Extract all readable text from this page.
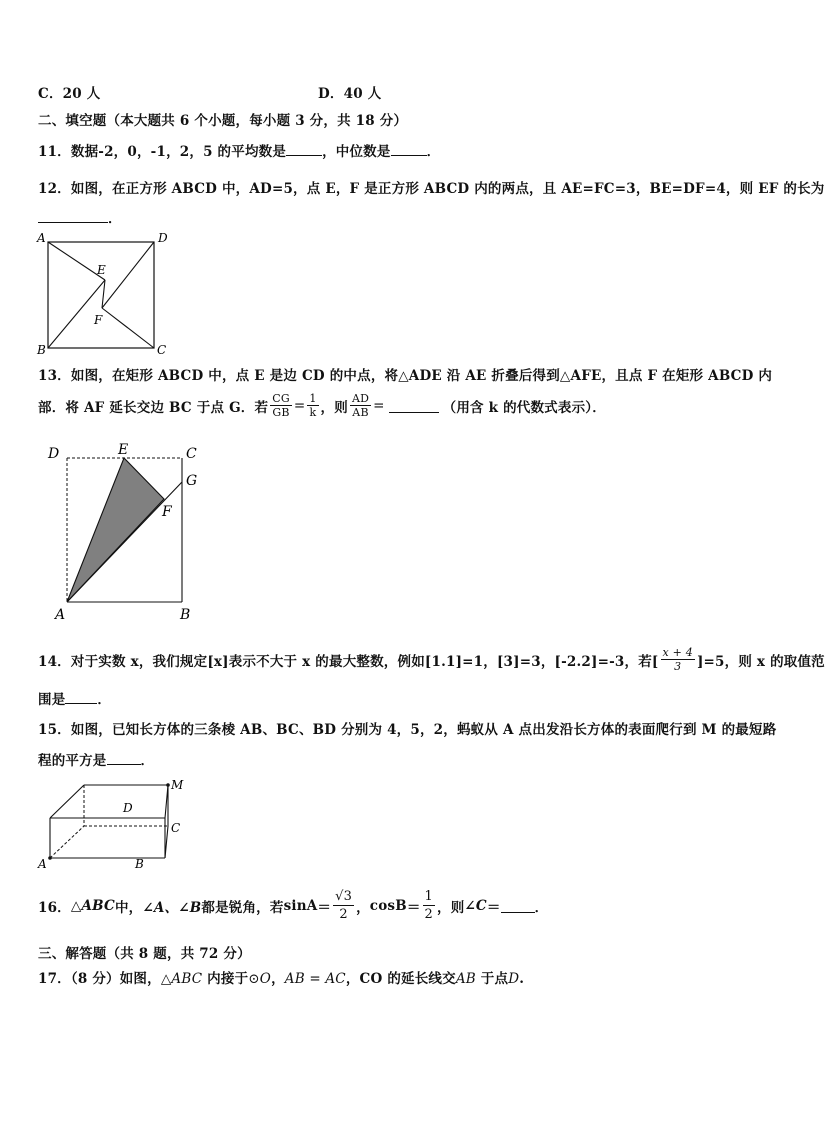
C．20 人	D．40 人
二、填空题（本大题共 6 个小题，每小题 3 分，共 18 分）
11．数据-2，0，-1，2，5 的平均数是	，中位数是	．
12．如图，在正方形 ABCD 中，AD=5，点 E，F 是正方形 ABCD 内的两点，且 AE=FC=3，BE=DF=4，则 EF 的长为
．
A	D
B	C
E
F
13．如图，在矩形 ABCD 中，点 E 是边 CD 的中点，将△ADE 沿 AE 折叠后得到△AFE，且点 F 在矩形 ABCD 内
部．将 AF 延长交边 BC 于点 G．若 $\frac{CG}{GB} = \frac{1}{k}$ ，则 $\frac{AD}{AB}$ =	（用含 k 的代数式表示）．
D	E	C
G
F
A	B
14．对于实数 x，我们规定[x]表示不大于 x 的最大整数，例如[1.1]=1，[3]=3，[-2.2]=-3，若[ $\frac{x + 4}{3} ]=5$，则 x 的取值范
围是 ．
15．如图，已知长方体的三条棱 AB、BC、BD 分别为 4，5，2，蚂蚁从 A 点出发沿长方体的表面爬行到 M 的最短路
程的平方是	．
M
D
C
A	B
16． △ABC 中， ∠A、∠B 都是锐角，若 $\sin A = \frac{√3}{2}$ ， $\cos B = \frac{1}{2}$ ，则 ∠C ＝	．
三、解答题（共 8 题，共 72 分）
17．（8 分）如图，△ABC 内接于⊙O，AB = AC，CO 的延长线交AB 于点D.
